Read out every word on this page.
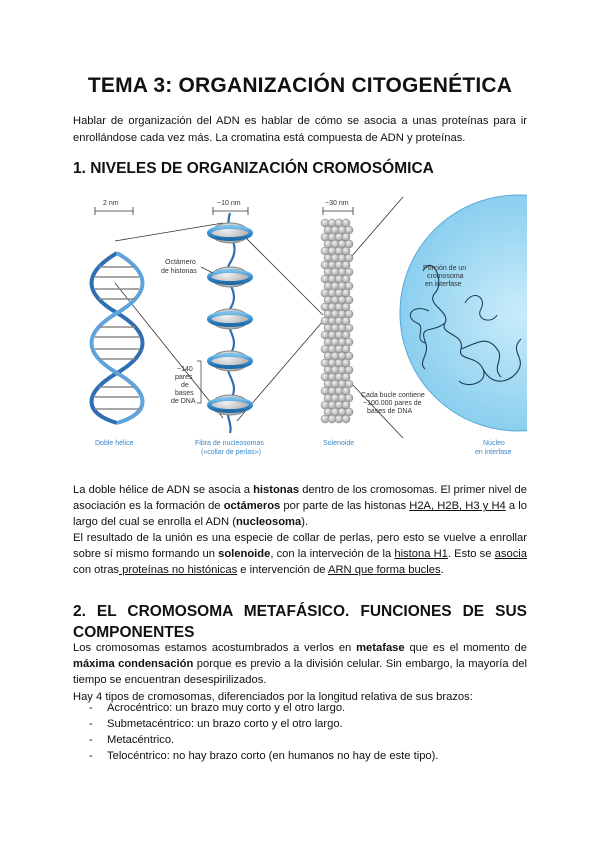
TEMA 3: ORGANIZACIÓN CITOGENÉTICA

Hablar de organización del ADN es hablar de cómo se asocia a unas proteínas para ir enrollándose cada vez más. La cromatina está compuesta de ADN y proteínas.

1. NIVELES DE ORGANIZACIÓN CROMOSÓMICA
2 nm	~10 nm	~30 nm
Octámero
de histonas
~140
pares
de
bases
de DNA
Porción de un
cromosoma
en interfase
Cada bucle contiene
~100.000 pares de
bases de DNA
Doble hélice	Fibra de nucleosomas
(«collar de perlas»)
Solenoide	Núcleo
en interfase

La doble hélice de ADN se asocia a histonas dentro de los cromosomas. El primer nivel de asociación es la formación de octámeros por parte de las histonas H2A, H2B, H3 y H4 a lo largo del cual se enrolla el ADN (nucleosoma).

El resultado de la unión es una especie de collar de perlas, pero esto se vuelve a enrollar sobre sí mismo formando un solenoide, con la interveción de la histona H1. Esto se asocia con otras proteínas no histónicas e intervención de ARN que forma bucles.

2. EL CROMOSOMA METAFÁSICO. FUNCIONES DE SUS
COMPONENTES

Los cromosomas estamos acostumbrados a verlos en metafase que es el momento de máxima condensación porque es previo a la división celular. Sin embargo, la mayoría del tiempo se encuentran desespirilizados.
Hay 4 tipos de cromosomas, diferenciados por la longitud relativa de sus brazos:

- Acrocéntrico: un brazo muy corto y el otro largo.
- Submetacéntrico: un brazo corto y el otro largo.
- Metacéntrico.
- Telocéntrico: no hay brazo corto (en humanos no hay de este tipo).
